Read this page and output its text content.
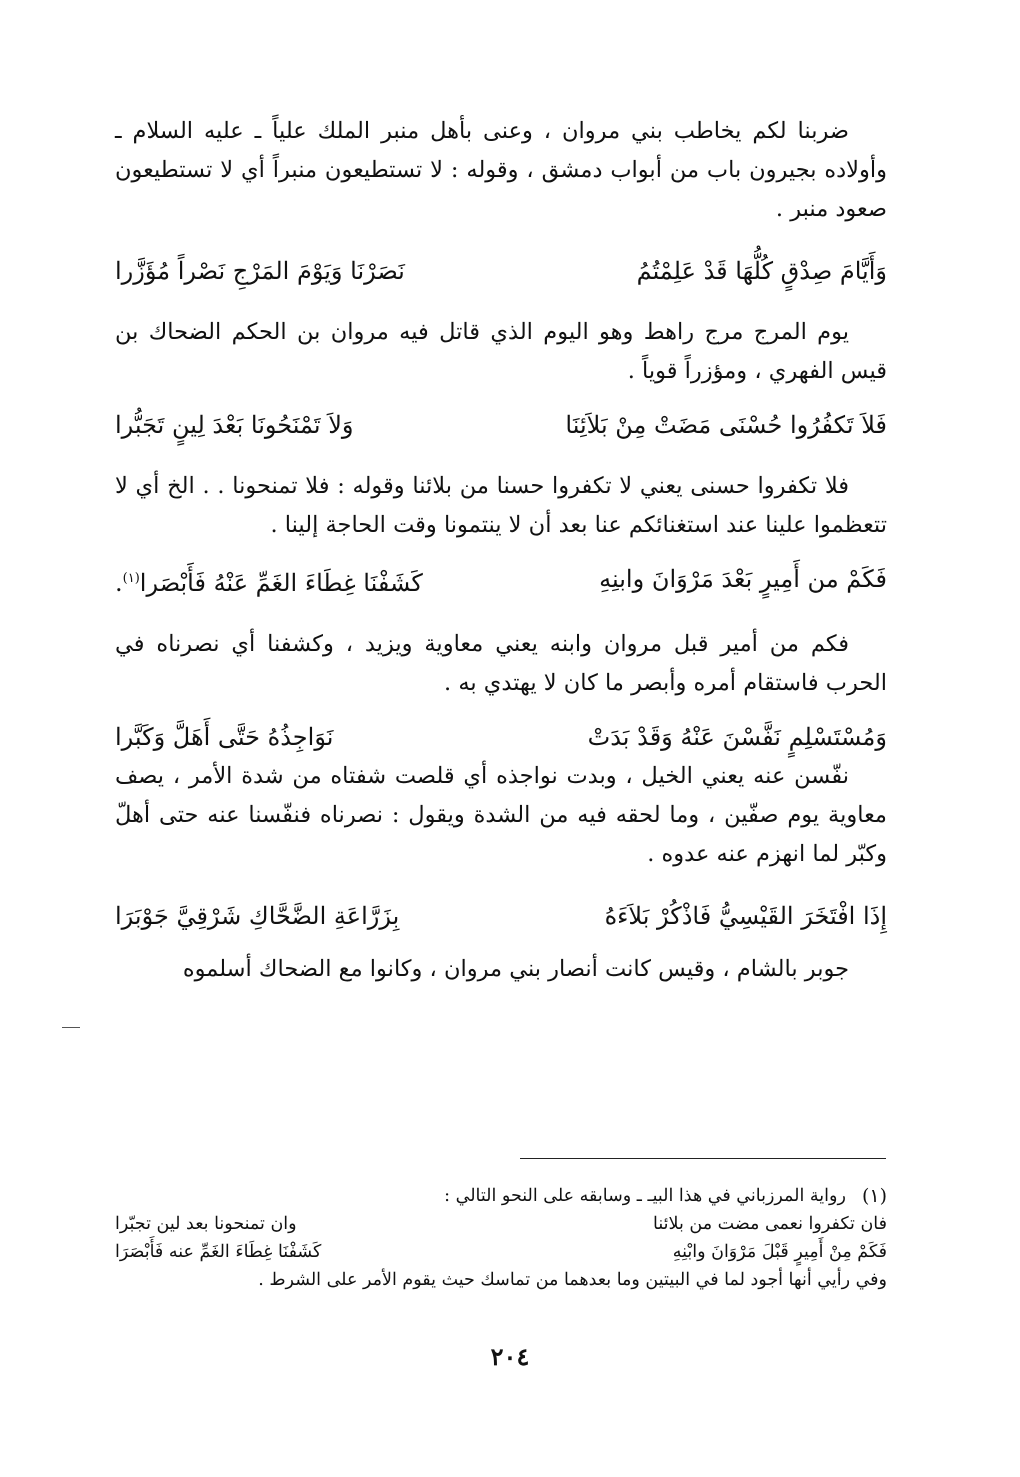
ضربنا لكم يخاطب بني مروان ، وعنى بأهل منبر الملك علياً ـ عليه السلام ـ وأولاده بجيرون باب من أبواب دمشق ، وقوله : لا تستطيعون منبراً أي لا تستطيعون صعود منبر .

وَأَيَّامَ صِدْقٍ كُلُّهَا قَدْ عَلِمْتُمُ
نَصَرْنَا وَيَوْمَ المَرْجِ نَصْراً مُؤَزَّرا

يوم المرج مرج راهط وهو اليوم الذي قاتل فيه مروان بن الحكم الضحاك بن قيس الفهري ، ومؤزراً قوياً .

فَلاَ تَكفُرُوا حُسْنَى مَضَتْ مِنْ بَلاَئِنَا
وَلاَ تَمْنَحُونَا بَعْدَ لِينٍ تَجَبُّرا

فلا تكفروا حسنى يعني لا تكفروا حسنا من بلائنا وقوله : فلا تمنحونا . . الخ أي لا تتعظموا علينا عند استغنائكم عنا بعد أن لا ينتمونا وقت الحاجة إلينا .

فَكَمْ من أَمِيرٍ بَعْدَ مَرْوَانَ وابنِهِ
كَشَفْنَا غِطَاءَ الغَمِّ عَنْهُ فَأَبْصَرا$^{(١)}$.

فكم من أمير قبل مروان وابنه يعني معاوية ويزيد ، وكشفنا أي نصرناه في الحرب فاستقام أمره وأبصر ما كان لا يهتدي به .

وَمُسْتَسْلِمٍ نَفَّسْنَ عَنْهُ وَقَدْ بَدَتْ
نَوَاجِذُهُ حَتَّى أَهَلَّ وَكَبَّرا

نفّسن عنه يعني الخيل ، وبدت نواجذه أي قلصت شفتاه من شدة الأمر ، يصف معاوية يوم صفّين ، وما لحقه فيه من الشدة ويقول : نصرناه فنفّسنا عنه حتى أهلّ وكبّر لما انهزم عنه عدوه .

إِذَا افْتَخَرَ القَيْسِيُّ فَاذْكُرْ بَلاَءَهُ
بِزَرَّاعَةِ الضَّحَّاكِ شَرْقِيَّ جَوْبَرَا

جوبر بالشام ، وقيس كانت أنصار بني مروان ، وكانوا مع الضحاك أسلموه

(١)
رواية المرزباني في هذا البيـ ـ وسابقه على النحو التالي :
فان تكفروا نعمى مضت من بلائنا
وان تمنحونا بعد لين تجبّرا
فَكَمْ مِنْ أَمِيرٍ قَبْلَ مَرْوَانَ وابْنِهِ
كَشَفْنَا غِطَاءَ الغَمِّ عنه فَأَبْصَرَا
وفي رأيي أنها أجود لما في البيتين وما بعدهما من تماسك حيث يقوم الأمر على الشرط .
٢٠٤
